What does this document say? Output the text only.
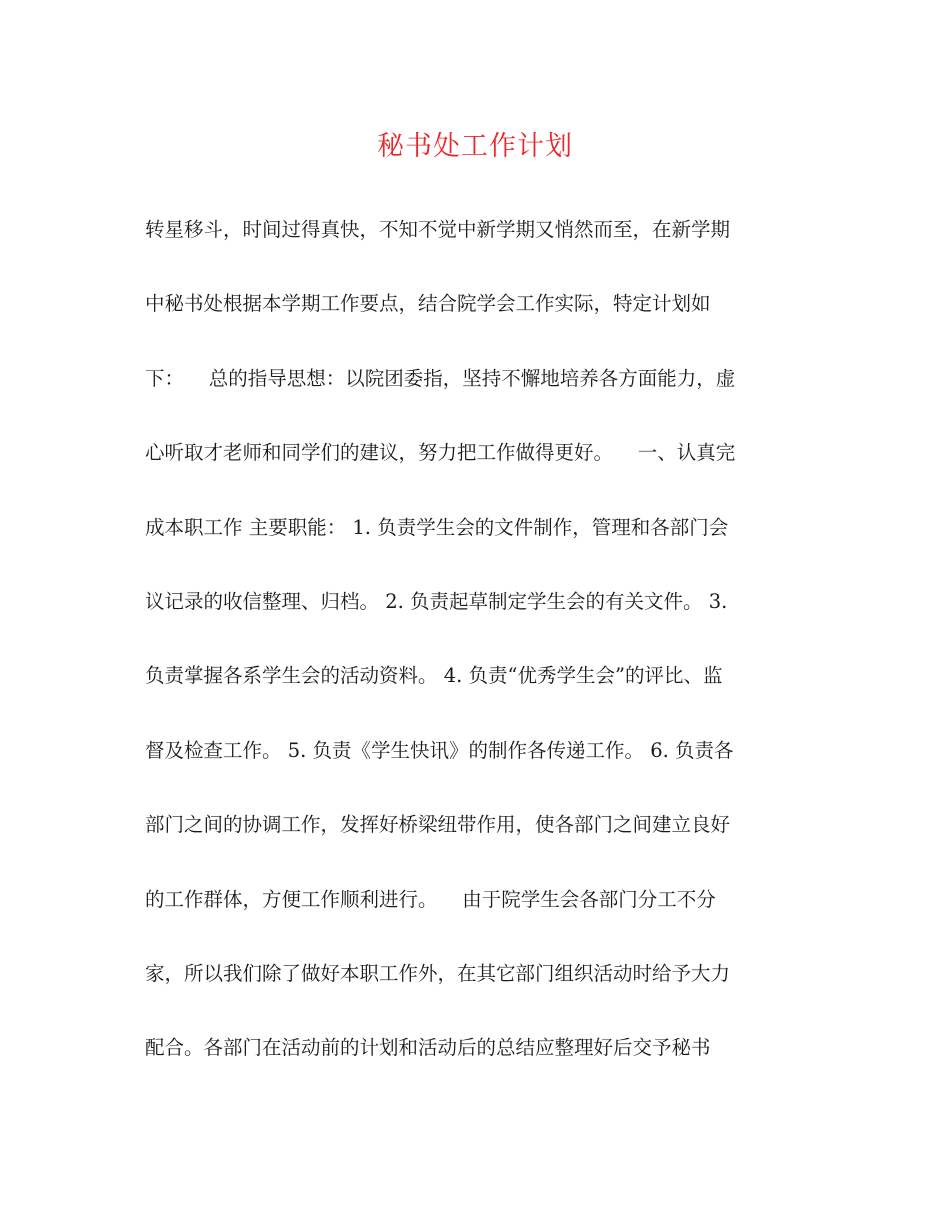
秘书处工作计划
转星移斗，时间过得真快，不知不觉中新学期又悄然而至，在新学期
中秘书处根据本学期工作要点，结合院学会工作实际，特定计划如
下：    总的指导思想：以院团委指，坚持不懈地培养各方面能力，虚
心听取才老师和同学们的建议，努力把工作做得更好。    一、认真完
成本职工作 主要职能： 1. 负责学生会的文件制作，管理和各部门会
议记录的收信整理、归档。 2. 负责起草制定学生会的有关文件。 3.
负责掌握各系学生会的活动资料。 4. 负责“优秀学生会”的评比、监
督及检查工作。 5. 负责《学生快讯》的制作各传递工作。 6. 负责各
部门之间的协调工作，发挥好桥梁纽带作用，使各部门之间建立良好
的工作群体，方便工作顺利进行。    由于院学生会各部门分工不分
家，所以我们除了做好本职工作外，在其它部门组织活动时给予大力
配合。各部门在活动前的计划和活动后的总结应整理好后交予秘书
